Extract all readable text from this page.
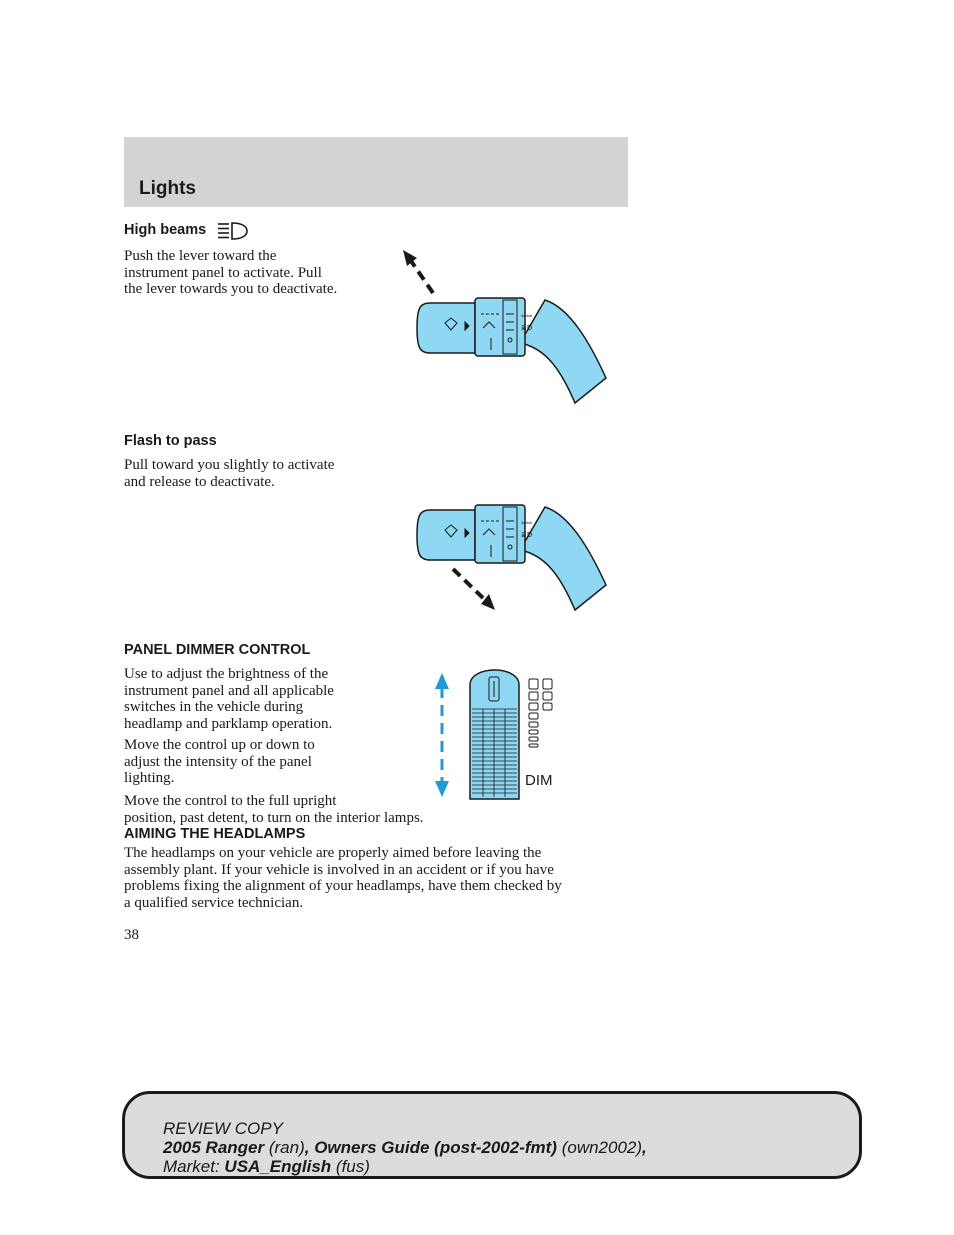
Lights
High beams
Push the lever toward the
instrument panel to activate. Pull
the lever towards you to deactivate.
⇦⇨
≣D
Flash to pass
Pull toward you slightly to activate
and release to deactivate.
⇦⇨
≣D
PANEL DIMMER CONTROL
Use to adjust the brightness of the
instrument panel and all applicable
switches in the vehicle during
headlamp and parklamp operation.
Move the control up or down to
adjust the intensity of the panel
lighting.
Move the control to the full upright
position, past detent, to turn on the interior lamps.
DIM
AIMING THE HEADLAMPS
The headlamps on your vehicle are properly aimed before leaving the
assembly plant. If your vehicle is involved in an accident or if you have
problems fixing the alignment of your headlamps, have them checked by
a qualified service technician.
38
REVIEW COPY
2005 Ranger (ran), Owners Guide (post-2002-fmt) (own2002),
Market: USA_English (fus)
